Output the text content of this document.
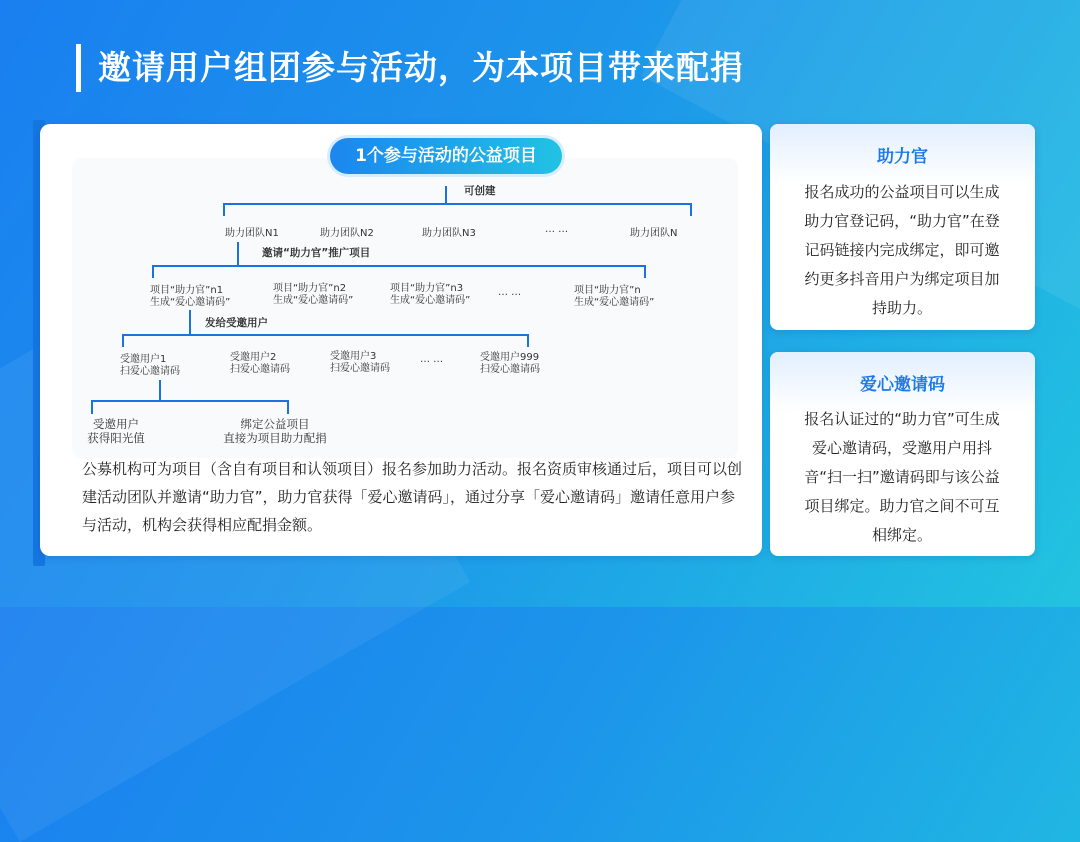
邀请用户组团参与活动，为本项目带来配捐
1个参与活动的公益项目
可创建
邀请“助力官”推广项目
发给受邀用户
助力团队N1	助力团队N2	助力团队N3	… …	助力团队N
项目“助力官”n1
生成“爱心邀请码”
项目“助力官”n2
生成“爱心邀请码”
项目“助力官”n3
生成“爱心邀请码”
… …	项目“助力官”n
生成“爱心邀请码”
受邀用户1
扫爱心邀请码
受邀用户2
扫爱心邀请码
受邀用户3
扫爱心邀请码
… …	受邀用户999
扫爱心邀请码
受邀用户
获得阳光值
绑定公益项目
直接为项目助力配捐
公募机构可为项目（含自有项目和认领项目）报名参加助力活动。报名资质审核通过后，项目可以创建活动团队并邀请“助力官”，助力官获得「爱心邀请码」，通过分享「爱心邀请码」邀请任意用户参与活动，机构会获得相应配捐金额。
助力官
报名成功的公益项目可以生成助力官登记码，“助力官”在登记码链接内完成绑定，即可邀约更多抖音用户为绑定项目加持助力。
爱心邀请码
报名认证过的“助力官”可生成爱心邀请码，受邀用户用抖音“扫一扫”邀请码即与该公益项目绑定。助力官之间不可互相绑定。
